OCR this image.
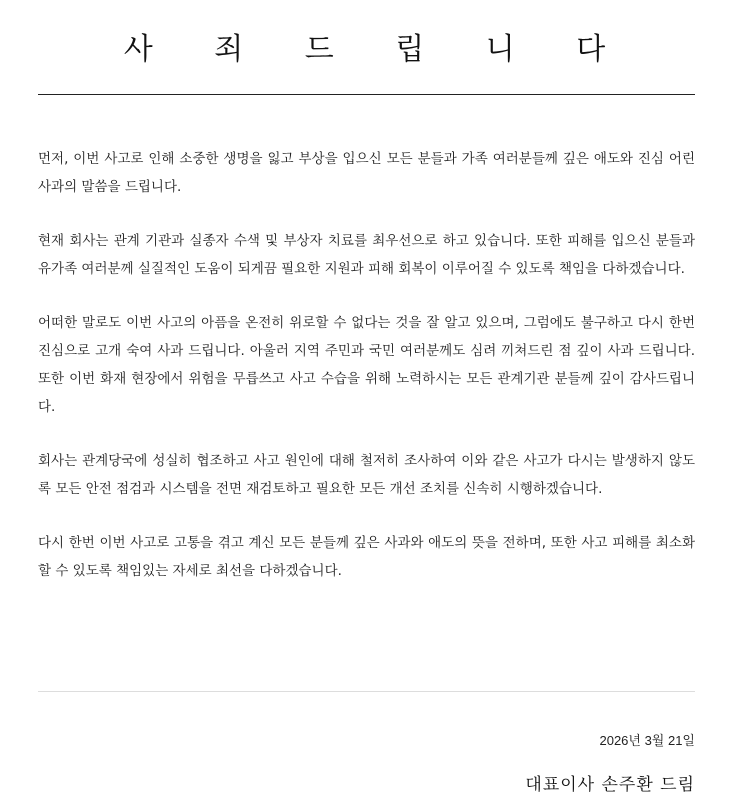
사 죄 드 립 니 다

먼저, 이번 사고로 인해 소중한 생명을 잃고 부상을 입으신 모든 분들과 가족 여러분들께 깊은 애도와 진심 어린 사과의 말씀을 드립니다.

현재 회사는 관계 기관과 실종자 수색 및 부상자 치료를 최우선으로 하고 있습니다. 또한 피해를 입으신 분들과 유가족 여러분께 실질적인 도움이 되게끔 필요한 지원과 피해 회복이 이루어질 수 있도록 책임을 다하겠습니다.

어떠한 말로도 이번 사고의 아픔을 온전히 위로할 수 없다는 것을 잘 알고 있으며, 그럼에도 불구하고 다시 한번 진심으로 고개 숙여 사과 드립니다. 아울러 지역 주민과 국민 여러분께도 심려 끼쳐드린 점 깊이 사과 드립니다. 또한 이번 화재 현장에서 위험을 무릅쓰고 사고 수습을 위해 노력하시는 모든 관계기관 분들께 깊이 감사드립니다.

회사는 관계당국에 성실히 협조하고 사고 원인에 대해 철저히 조사하여 이와 같은 사고가 다시는 발생하지 않도록 모든 안전 점검과 시스템을 전면 재검토하고 필요한 모든 개선 조치를 신속히 시행하겠습니다.

다시 한번 이번 사고로 고통을 겪고 계신 모든 분들께 깊은 사과와 애도의 뜻을 전하며, 또한 사고 피해를 최소화 할 수 있도록 책임있는 자세로 최선을 다하겠습니다.

2026년 3월 21일
대표이사 손주환 드림
